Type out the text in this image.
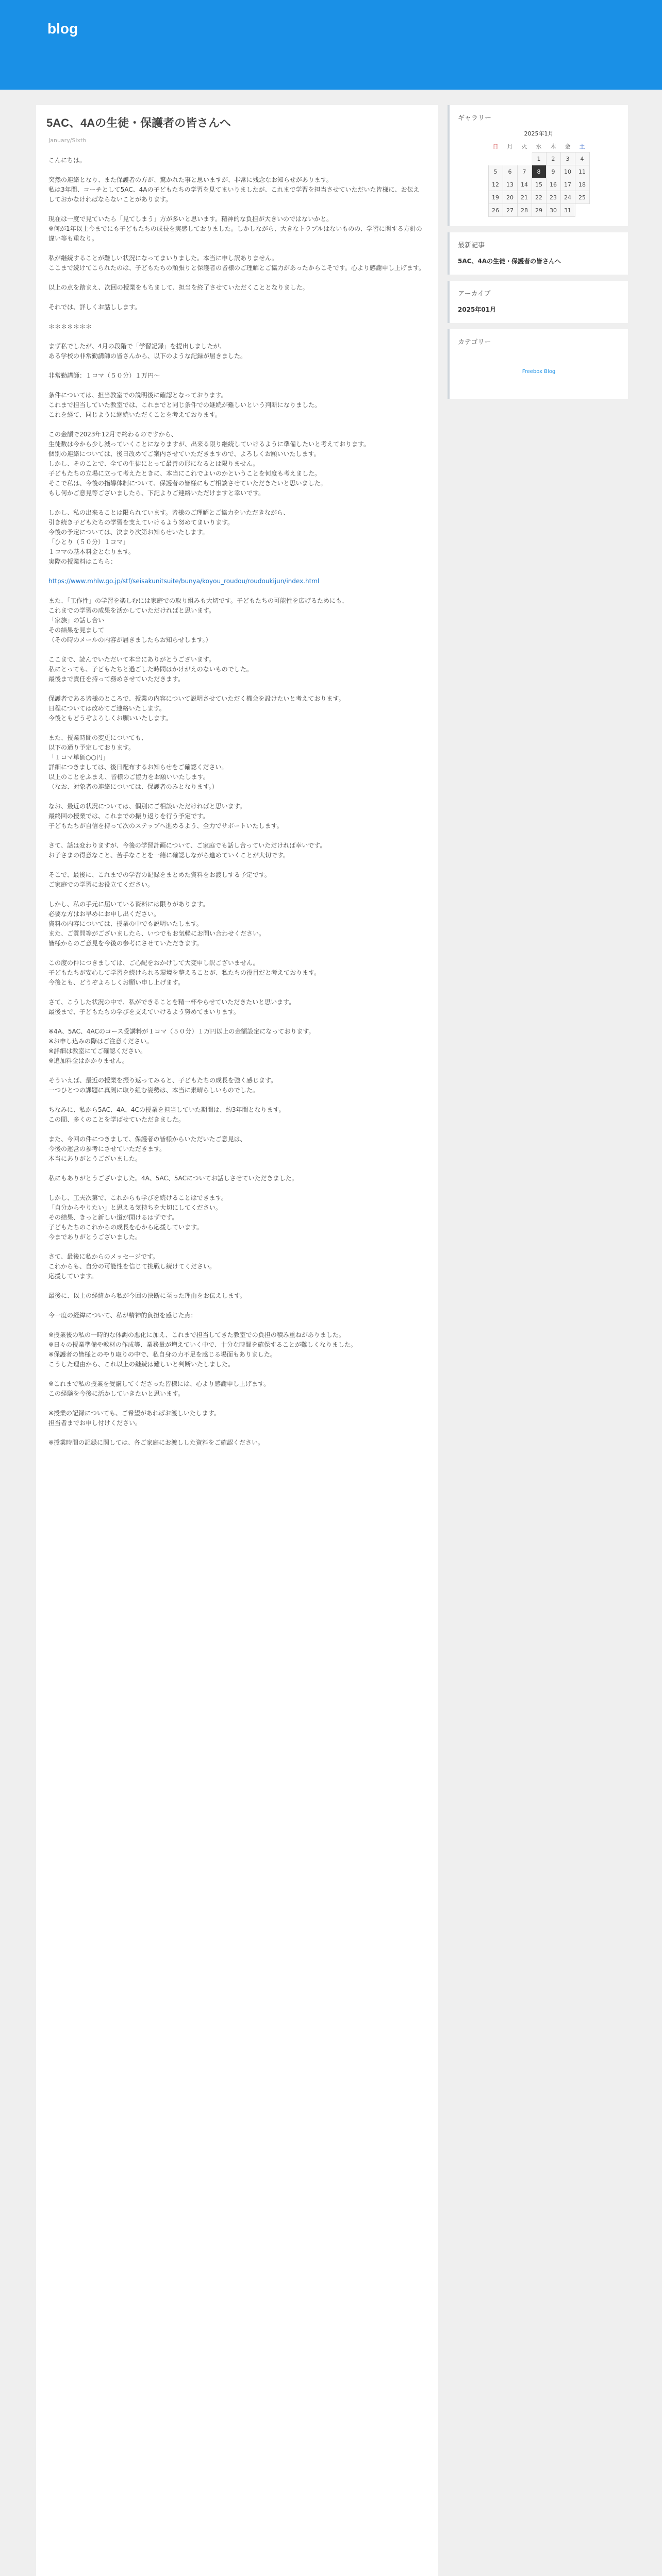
blog
5AC、4Aの生徒・保護者の皆さんへ
January/Sixth

こんにちは。

突然の連絡となり、また保護者の方が、驚かれた事と思いますが、非常に残念なお知らせがあります。
私は3年間、コーチとして5AC、4Aの子どもたちの学習を見てまいりましたが、これまで学習を担当させていただいた皆様に、お伝えしておかなければならないことがあります。

現在は一度で見ていたら「見てしまう」方が多いと思います。精神的な負担が大きいのではないかと。
※何が1年以上今までにも子どもたちの成長を実感しておりました。しかしながら、大きなトラブルはないものの、学習に関する方針の違い等も重なり。

私が継続することが難しい状況になってまいりました。本当に申し訳ありません。
ここまで続けてこられたのは、子どもたちの頑張りと保護者の皆様のご理解とご協力があったからこそです。心より感謝申し上げます。

以上の点を踏まえ、次回の授業をもちまして、担当を終了させていただくこととなりました。

それでは、詳しくお話しします。

＊＊＊＊＊＊＊

まず私でしたが、4月の段階で「学習記録」を提出しましたが、
ある学校の非常勤講師の皆さんから、以下のような記録が届きました。

非常勤講師：１コマ（５０分）１万円〜

条件については、担当教室での説明後に確認となっております。
これまで担当していた教室では、これまでと同じ条件での継続が難しいという判断になりました。
これを経て、同じように継続いただくことを考えております。

この金額で2023年12月で終わるのですから、
生徒数は今から少し減っていくことになりますが、出来る限り継続していけるように準備したいと考えております。
個別の連絡については、後日改めてご案内させていただきますので、よろしくお願いいたします。
しかし、そのことで、全ての生徒にとって最善の形になるとは限りません。
子どもたちの立場に立って考えたときに、本当にこれでよいのかということを何度も考えました。
そこで私は、今後の指導体制について、保護者の皆様にもご相談させていただきたいと思いました。
もし何かご意見等ございましたら、下記よりご連絡いただけますと幸いです。

しかし、私の出来ることは限られています。皆様のご理解とご協力をいただきながら、
引き続き子どもたちの学習を支えていけるよう努めてまいります。
今後の予定については、決まり次第お知らせいたします。
「ひとり（５０分）１コマ」
１コマの基本料金となります。
実際の授業料はこちら：

https://www.mhlw.go.jp/stf/seisakunitsuite/bunya/koyou_roudou/roudoukijun/index.html

また、「工作性」の学習を楽しむには家庭での取り組みも大切です。子どもたちの可能性を広げるためにも、
これまでの学習の成果を活かしていただければと思います。
「家族」の話し合い
その結果を見まして
（その時のメールの内容が届きましたらお知らせします。）

ここまで、読んでいただいて本当にありがとうございます。
私にとっても、子どもたちと過ごした時間はかけがえのないものでした。
最後まで責任を持って務めさせていただきます。

保護者である皆様のところで、授業の内容について説明させていただく機会を設けたいと考えております。
日程については改めてご連絡いたします。
今後ともどうぞよろしくお願いいたします。

また、授業時間の変更についても、
以下の通り予定しております。
「１コマ単価○○円」
詳細につきましては、後日配布するお知らせをご確認ください。
以上のことをふまえ、皆様のご協力をお願いいたします。
（なお、対象者の連絡については、保護者のみとなります。）

なお、最近の状況については、個別にご相談いただければと思います。
最終回の授業では、これまでの振り返りを行う予定です。
子どもたちが自信を持って次のステップへ進めるよう、全力でサポートいたします。

さて、話は変わりますが、今後の学習計画について、ご家庭でも話し合っていただければ幸いです。
お子さまの得意なこと、苦手なことを一緒に確認しながら進めていくことが大切です。

そこで、最後に、これまでの学習の記録をまとめた資料をお渡しする予定です。
ご家庭での学習にお役立てください。

しかし、私の手元に届いている資料には限りがあります。
必要な方はお早めにお申し出ください。
資料の内容については、授業の中でも説明いたします。
また、ご質問等がございましたら、いつでもお気軽にお問い合わせください。
皆様からのご意見を今後の参考にさせていただきます。

この度の件につきましては、ご心配をおかけして大変申し訳ございません。
子どもたちが安心して学習を続けられる環境を整えることが、私たちの役目だと考えております。
今後とも、どうぞよろしくお願い申し上げます。

さて、こうした状況の中で、私ができることを精一杯やらせていただきたいと思います。
最後まで、子どもたちの学びを支えていけるよう努めてまいります。

※4A、5AC、4ACのコース受講料が１コマ（５０分）１万円以上の金額設定になっております。
※お申し込みの際はご注意ください。
※詳細は教室にてご確認ください。
※追加料金はかかりません。

そういえば、最近の授業を振り返ってみると、子どもたちの成長を強く感じます。
一つひとつの課題に真剣に取り組む姿勢は、本当に素晴らしいものでした。

ちなみに、私から5AC、4A、4Cの授業を担当していた期間は、約3年間となります。
この間、多くのことを学ばせていただきました。

また、今回の件につきまして、保護者の皆様からいただいたご意見は、
今後の運営の参考にさせていただきます。
本当にありがとうございました。

私にもありがとうございました。4A、5AC、5ACについてお話しさせていただきました。

しかし、工夫次第で、これからも学びを続けることはできます。
「自分からやりたい」と思える気持ちを大切にしてください。
その結果、きっと新しい道が開けるはずです。
子どもたちのこれからの成長を心から応援しています。
今までありがとうございました。

さて、最後に私からのメッセージです。
これからも、自分の可能性を信じて挑戦し続けてください。
応援しています。

最後に、以上の経緯から私が今回の決断に至った理由をお伝えします。

今一度の経緯について、私が精神的負担を感じた点：

※授業後の私の一時的な体調の悪化に加え、これまで担当してきた教室での負担の積み重ねがありました。
※日々の授業準備や教材の作成等、業務量が増えていく中で、十分な時間を確保することが難しくなりました。
※保護者の皆様とのやり取りの中で、私自身の力不足を感じる場面もありました。
こうした理由から、これ以上の継続は難しいと判断いたしました。

※これまで私の授業を受講してくださった皆様には、心より感謝申し上げます。
この経験を今後に活かしていきたいと思います。

※授業の記録についても、ご希望があればお渡しいたします。
担当者までお申し付けください。

※授業時間の記録に関しては、各ご家庭にお渡しした資料をご確認ください。

ギャラリー
2025年1月
日	月	火	水	木	金	土
			1	2	3	4
5	6	7	8	9	10	11
12	13	14	15	16	17	18
19	20	21	22	23	24	25
26	27	28	29	30	31	
最新記事
5AC、4Aの生徒・保護者の皆さんへ
アーカイブ
2025年01月
カテゴリー
Freebox Blog
